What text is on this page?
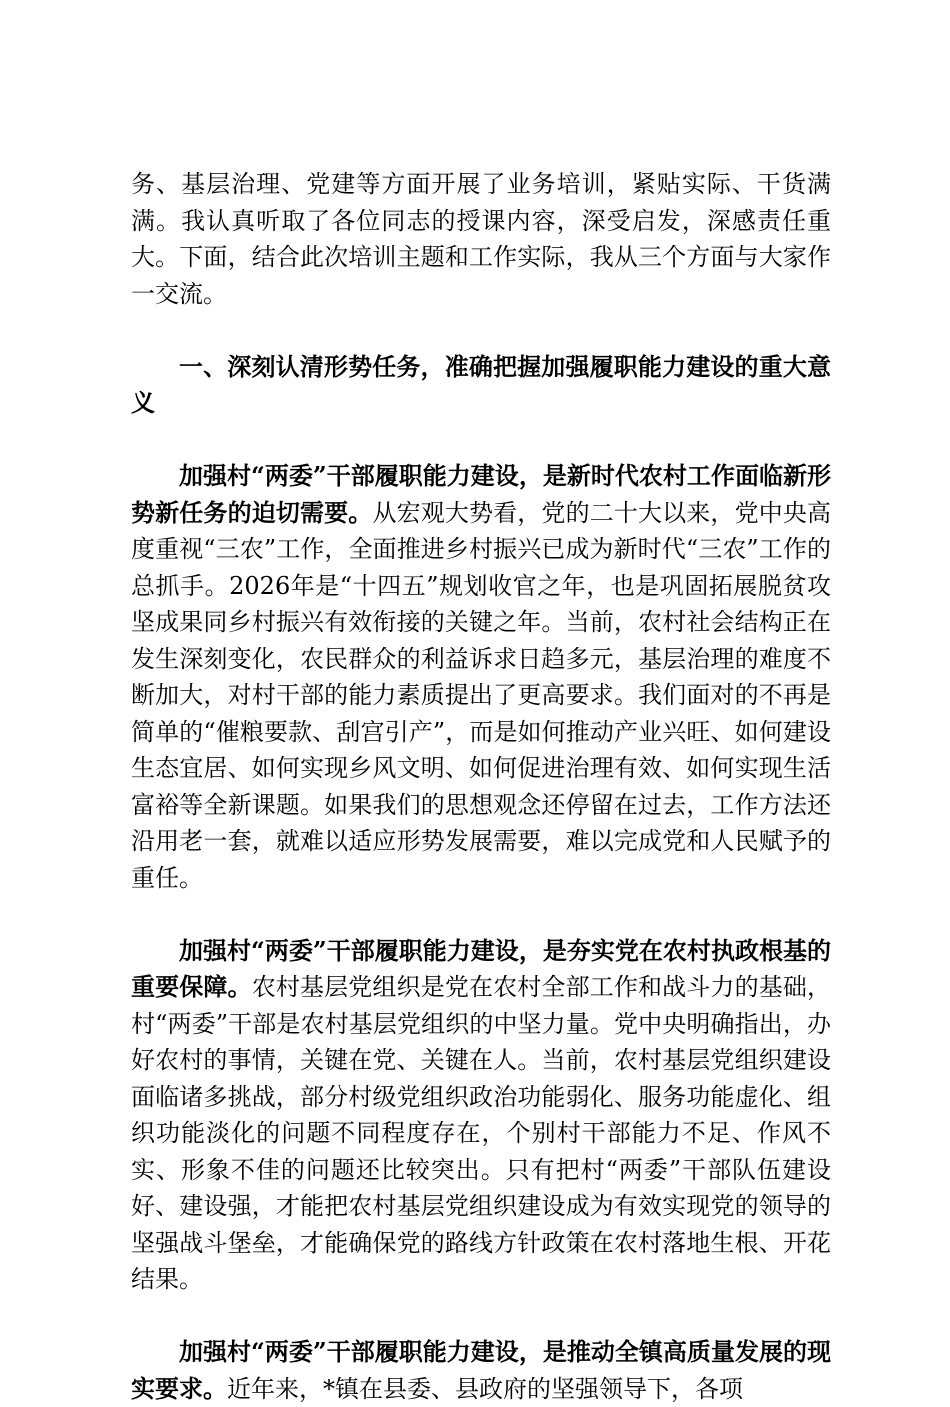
务、基层治理、党建等方面开展了业务培训，紧贴实际、干货满满。我认真听取了各位同志的授课内容，深受启发，深感责任重大。下面，结合此次培训主题和工作实际，我从三个方面与大家作一交流。

一、深刻认清形势任务，准确把握加强履职能力建设的重大意义

加强村“两委”干部履职能力建设，是新时代农村工作面临新形势新任务的迫切需要。从宏观大势看，党的二十大以来，党中央高度重视“三农”工作，全面推进乡村振兴已成为新时代“三农”工作的总抓手。2026年是“十四五”规划收官之年，也是巩固拓展脱贫攻坚成果同乡村振兴有效衔接的关键之年。当前，农村社会结构正在发生深刻变化，农民群众的利益诉求日趋多元，基层治理的难度不断加大，对村干部的能力素质提出了更高要求。我们面对的不再是简单的“催粮要款、刮宫引产”，而是如何推动产业兴旺、如何建设生态宜居、如何实现乡风文明、如何促进治理有效、如何实现生活富裕等全新课题。如果我们的思想观念还停留在过去，工作方法还沿用老一套，就难以适应形势发展需要，难以完成党和人民赋予的重任。

加强村“两委”干部履职能力建设，是夯实党在农村执政根基的重要保障。农村基层党组织是党在农村全部工作和战斗力的基础，村“两委”干部是农村基层党组织的中坚力量。党中央明确指出，办好农村的事情，关键在党、关键在人。当前，农村基层党组织建设面临诸多挑战，部分村级党组织政治功能弱化、服务功能虚化、组织功能淡化的问题不同程度存在，个别村干部能力不足、作风不实、形象不佳的问题还比较突出。只有把村“两委”干部队伍建设好、建设强，才能把农村基层党组织建设成为有效实现党的领导的坚强战斗堡垒，才能确保党的路线方针政策在农村落地生根、开花结果。

加强村“两委”干部履职能力建设，是推动全镇高质量发展的现实要求。近年来，*镇在县委、县政府的坚强领导下，各项
